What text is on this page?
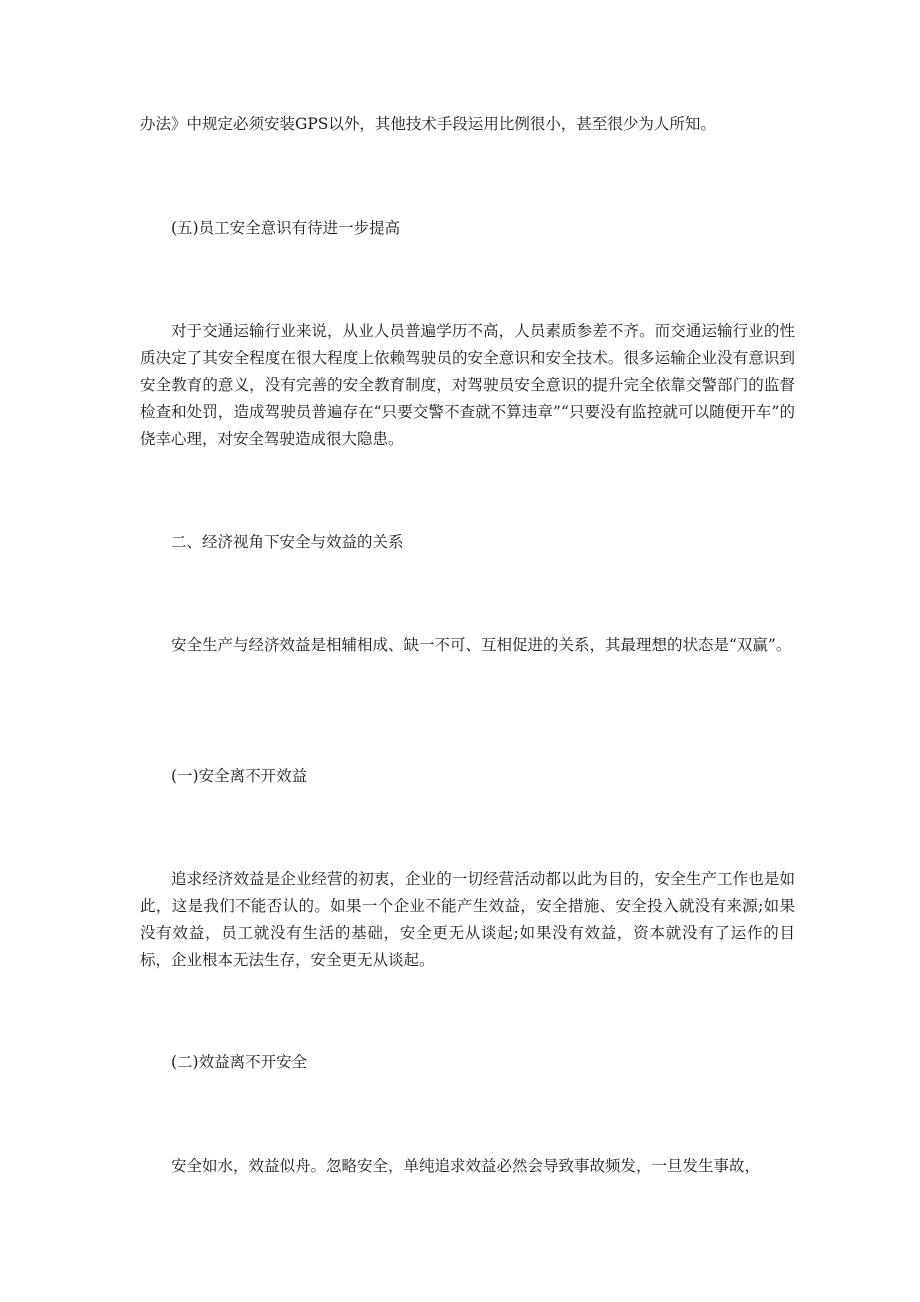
办法》中规定必须安装GPS以外，其他技术手段运用比例很小，甚至很少为人所知。

(五)员工安全意识有待进一步提高

对于交通运输行业来说，从业人员普遍学历不高，人员素质参差不齐。而交通运输行业的性质决定了其安全程度在很大程度上依赖驾驶员的安全意识和安全技术。很多运输企业没有意识到安全教育的意义，没有完善的安全教育制度，对驾驶员安全意识的提升完全依靠交警部门的监督检查和处罚，造成驾驶员普遍存在“只要交警不查就不算违章”“只要没有监控就可以随便开车”的侥幸心理，对安全驾驶造成很大隐患。

二、经济视角下安全与效益的关系

安全生产与经济效益是相辅相成、缺一不可、互相促进的关系，其最理想的状态是“双赢”。

(一)安全离不开效益

追求经济效益是企业经营的初衷，企业的一切经营活动都以此为目的，安全生产工作也是如此，这是我们不能否认的。如果一个企业不能产生效益，安全措施、安全投入就没有来源;如果没有效益，员工就没有生活的基础，安全更无从谈起;如果没有效益，资本就没有了运作的目标，企业根本无法生存，安全更无从谈起。

(二)效益离不开安全

安全如水，效益似舟。忽略安全，单纯追求效益必然会导致事故频发，一旦发生事故，
